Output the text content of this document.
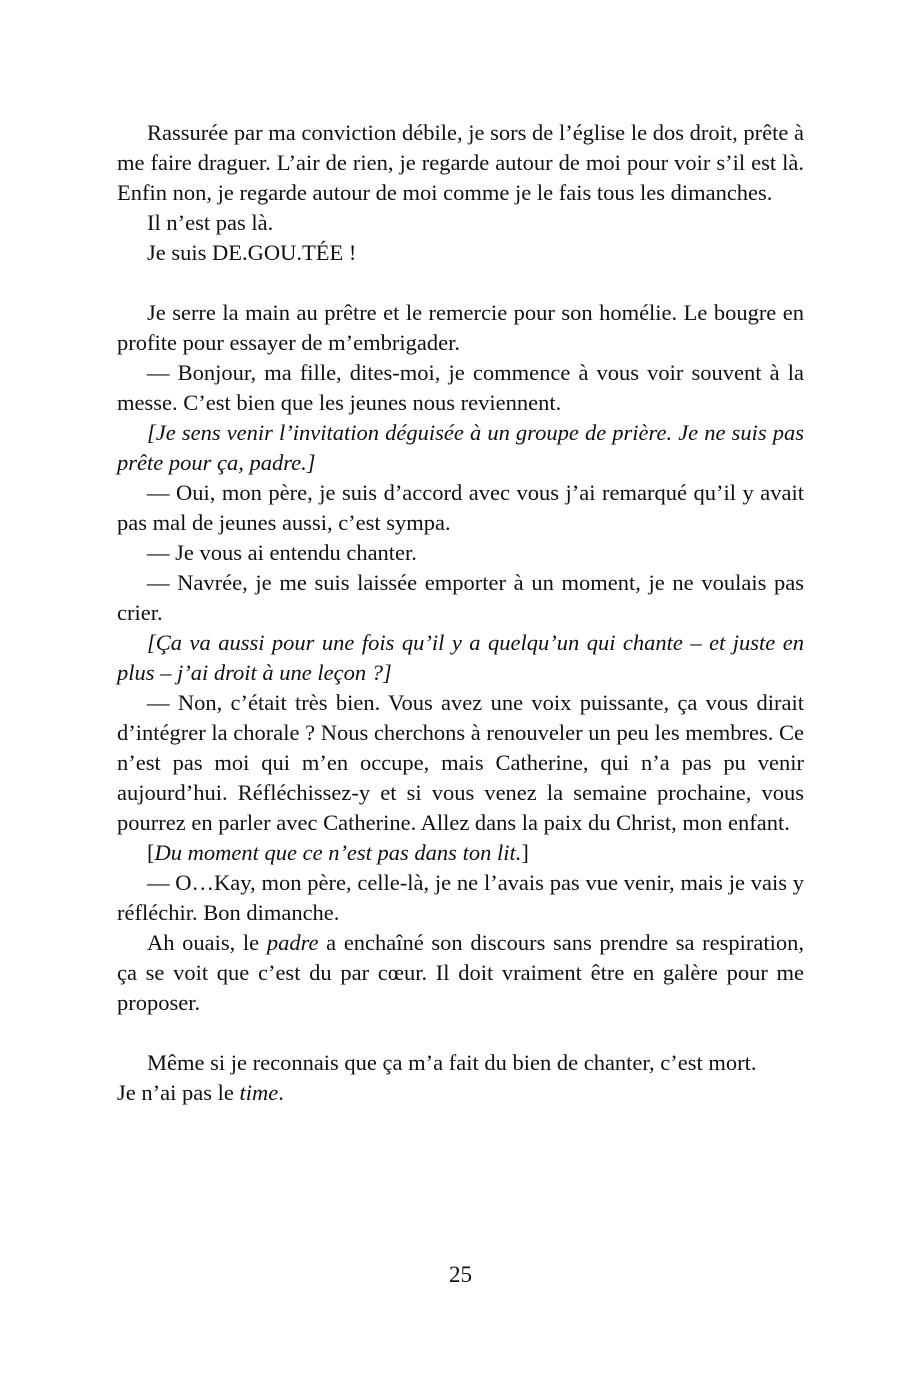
Rassurée par ma conviction débile, je sors de l’église le dos droit, prête à me faire draguer. L’air de rien, je regarde autour de moi pour voir s’il est là. Enfin non, je regarde autour de moi comme je le fais tous les dimanches.

Il n’est pas là.

Je suis DE.GOU.TÉE !

Je serre la main au prêtre et le remercie pour son homélie. Le bougre en profite pour essayer de m’embrigader.

— Bonjour, ma fille, dites-moi, je commence à vous voir souvent à la messe. C’est bien que les jeunes nous reviennent.

[Je sens venir l’invitation déguisée à un groupe de prière. Je ne suis pas prête pour ça, padre.]

— Oui, mon père, je suis d’accord avec vous j’ai remarqué qu’il y avait pas mal de jeunes aussi, c’est sympa.

— Je vous ai entendu chanter.

— Navrée, je me suis laissée emporter à un moment, je ne voulais pas crier.

[Ça va aussi pour une fois qu’il y a quelqu’un qui chante – et juste en plus – j’ai droit à une leçon ?]

— Non, c’était très bien. Vous avez une voix puissante, ça vous dirait d’intégrer la chorale ? Nous cherchons à renouveler un peu les membres. Ce n’est pas moi qui m’en occupe, mais Catherine, qui n’a pas pu venir aujourd’hui. Réfléchissez-y et si vous venez la semaine prochaine, vous pourrez en parler avec Catherine. Allez dans la paix du Christ, mon enfant.

[Du moment que ce n’est pas dans ton lit.]

— O…Kay, mon père, celle-là, je ne l’avais pas vue venir, mais je vais y réfléchir. Bon dimanche.

Ah ouais, le padre a enchaîné son discours sans prendre sa respiration, ça se voit que c’est du par cœur. Il doit vraiment être en galère pour me proposer.

Même si je reconnais que ça m’a fait du bien de chanter, c’est mort.

Je n’ai pas le time.

25
